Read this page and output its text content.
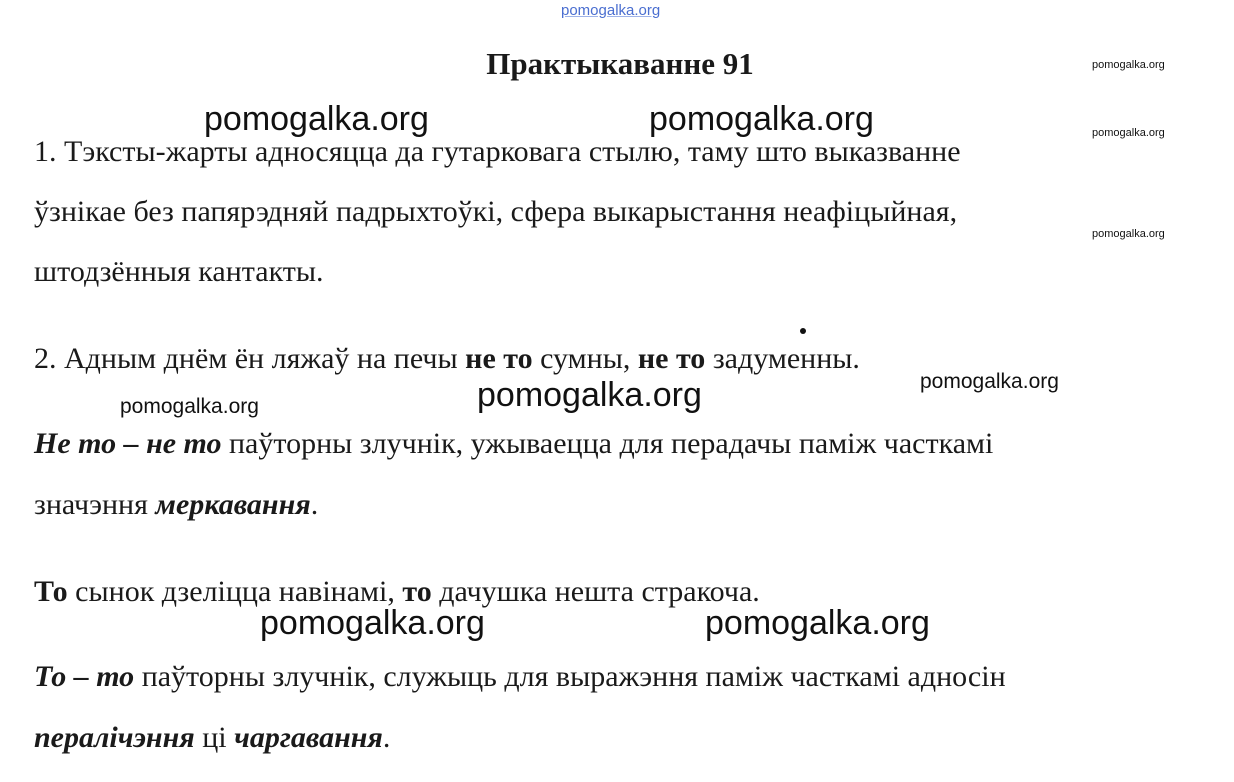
pomogalka.org
pomogalka.org
pomogalka.org
pomogalka.org
pomogalka.org	pomogalka.org
pomogalka.org	pomogalka.org
pomogalka.org
pomogalka.org	pomogalka.org
Практыкаванне 91
1. Тэксты-жарты адносяцца да гутарковага стылю, таму што выказванне
ўзнікае без папярэдняй падрыхтоўкі, сфера выкарыстання неафіцыйная,
штодзённыя кантакты.
2. Адным днём ён ляжаў на печы не то сумны, не то задуменны.
Не то – не то паўторны злучнік, ужываецца для перадачы паміж часткамі
значэння меркавання.
То сынок дзеліцца навінамі, то дачушка нешта стракоча.
То – то паўторны злучнік, служыць для выражэння паміж часткамі адносін
пералічэння ці чаргавання.
